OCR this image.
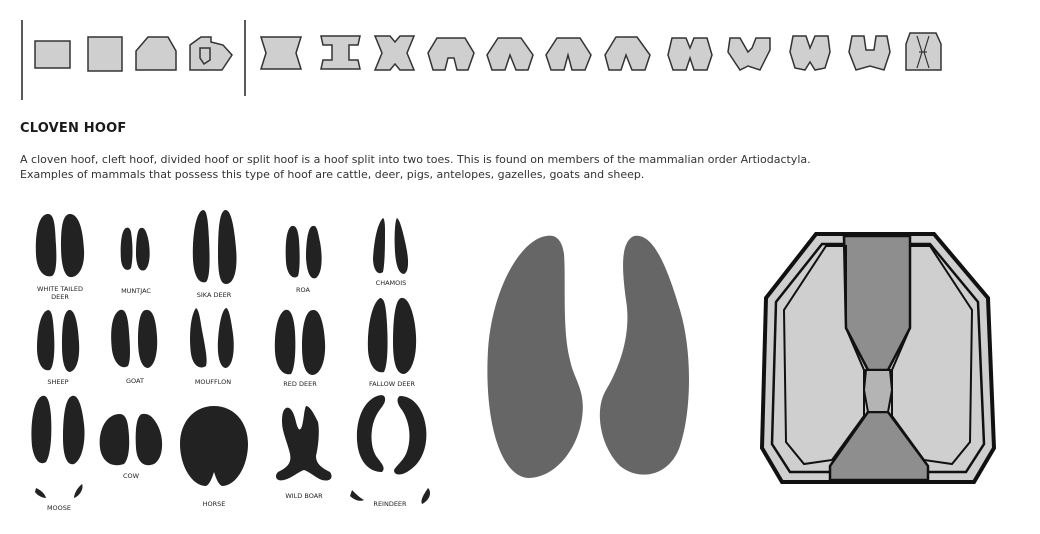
CLOVEN HOOF

A cloven hoof, cleft hoof, divided hoof or split hoof is a hoof split into two toes. This is found on members of the mammalian order Artiodactyla.
Examples of mammals that possess this type of hoof are cattle, deer, pigs, antelopes, gazelles, goats and sheep.

WHITE TAILED
DEER
MUNTJAC	SIKA DEER
ROA
CHAMOIS
SHEEP	GOAT	MOUFFLON	RED DEER	FALLOW DEER
MOOSE
COW
HORSE
WILD BOAR
REINDEER
